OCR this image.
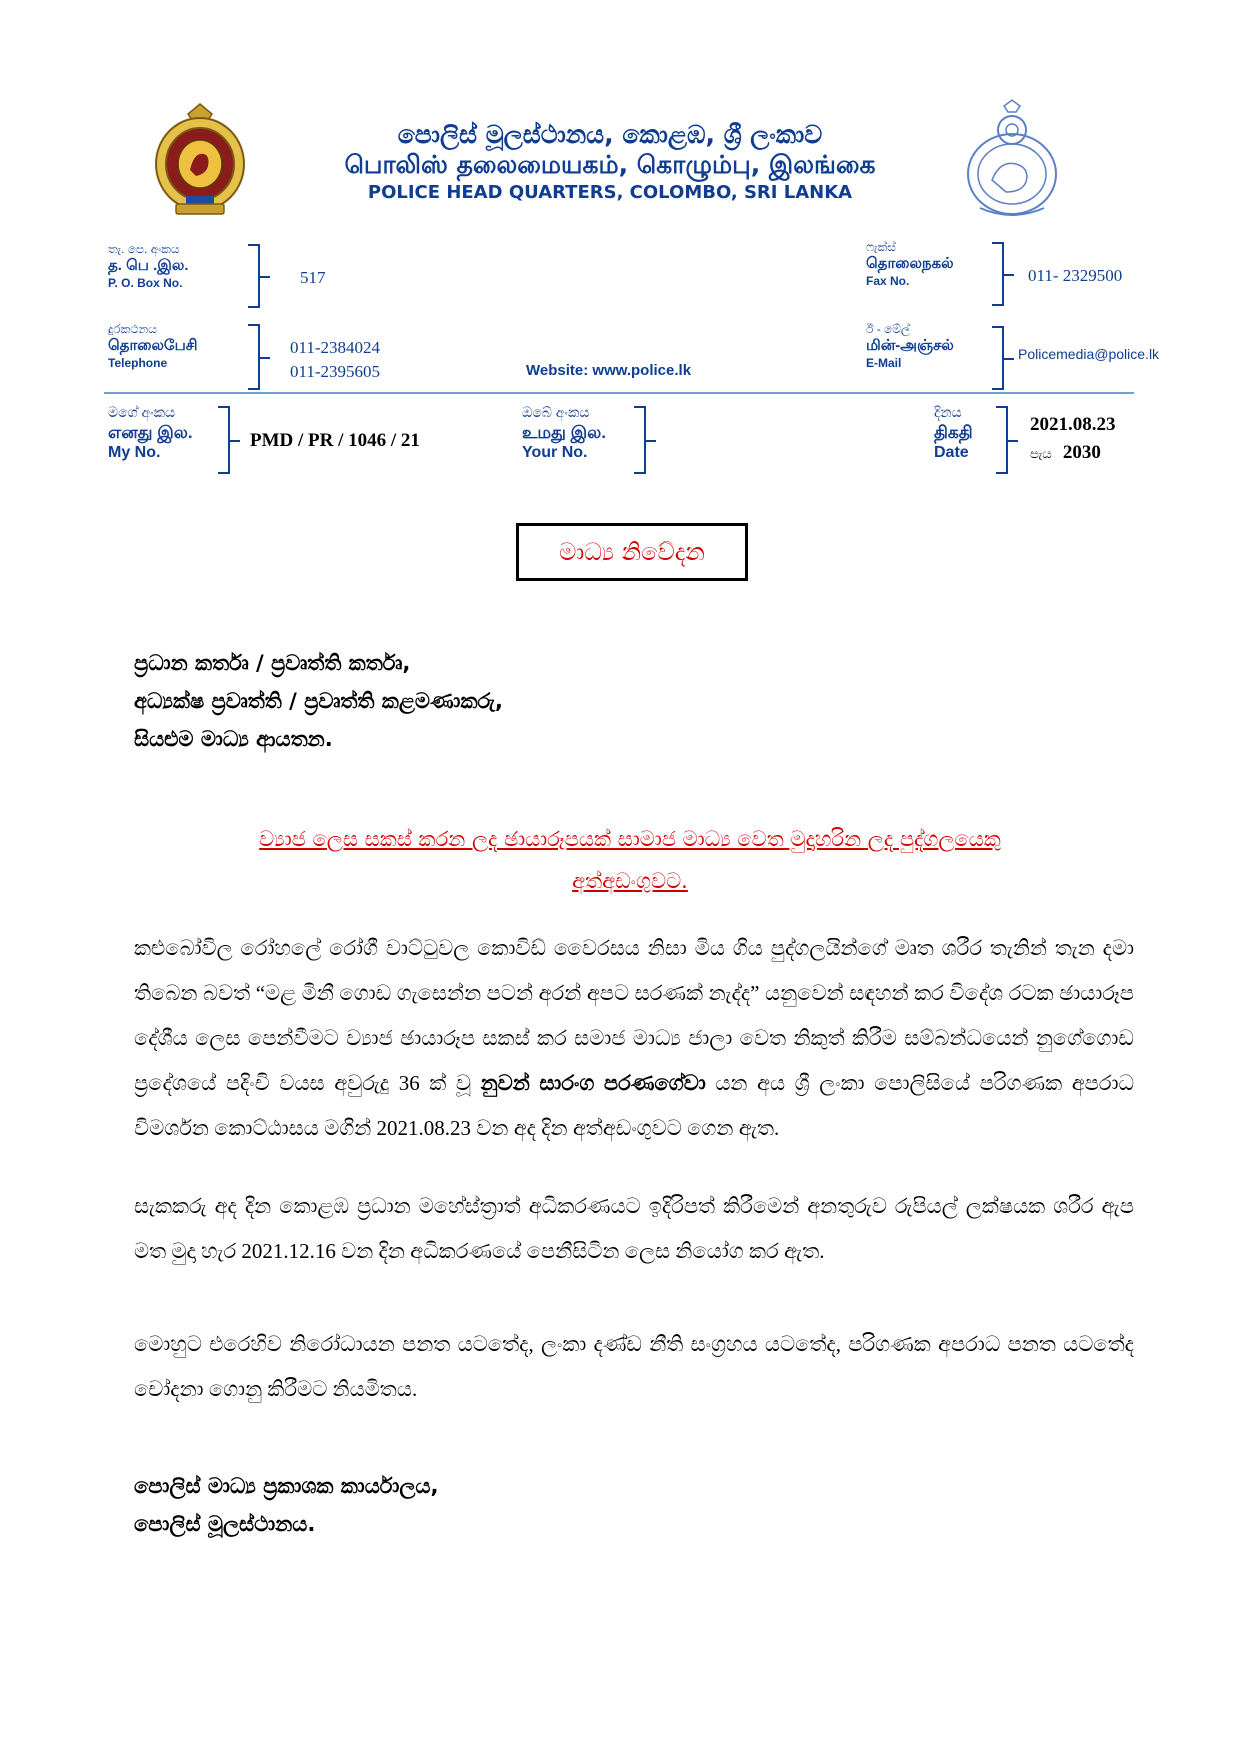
පොලිස් මූලස්ථානය, කොළඹ, ශ්‍රී ලංකාව
பொலிஸ் தலைமையகம், கொழும்பு, இலங்கை
POLICE HEAD QUARTERS, COLOMBO, SRI LANKA
තැ. පෙ. අංකය
த. பெ .இல.
P. O. Box No.	517
ෆැක්ස්
தொலைநகல்
Fax No.	011- 2329500
දුරකථනය
தொலைபேசி
Telephone
011-2384024
011-2395605	Website: www.police.lk
ඊ - මේල්
மின்-அஞ்சல்
E-Mail
Policemedia@police.lk
මගේ අංකය
எனது இல.
My No.
PMD / PR / 1046 / 21
ඔබේ අංකය
உமது இல.
Your No.
දිනය
திகதி
Date
2021.08.23
පැය 2030
මාධ්‍ය නිවේදන
ප්‍රධාන කර්තෘ / ප්‍රවෘත්ති කර්තෘ,
අධ්‍යක්ෂ ප්‍රවෘත්ති / ප්‍රවෘත්ති කළමණාකරු,
සියළුම මාධ්‍ය ආයතන.
ව්‍යාජ ලෙස සකස් කරන ලද ඡායාරූපයක් සාමාජ මාධ්‍ය වෙත මුදාහරින ලද පුද්ගලයෙකු
අත්අඩංගුවට.
කළුබෝවිල රෝහලේ රෝගී වාට්ටුවල කොවිඩ් වෛරසය නිසා මිය ගිය පුද්ගලයින්ගේ මෘත ශරීර තැනින් තැන දමා තිබෙන බවත් “මළ මිනී ගොඩ ගැසෙන්න පටන් අරන් අපට සරණක් නැද්ද” යනුවෙන් සඳහන් කර විදේශ රටක ඡායාරූප දේශීය ලෙස පෙන්වීමට ව්‍යාජ ඡායාරූප සකස් කර සමාජ මාධ්‍ය ජාලා වෙත නිකුත් කිරීම සම්බන්ධයෙන් නුගේගොඩ ප්‍රදේශයේ පදිංචි වයස අවුරුදු 36 ක් වූ නුවන් සාරංග පරණගේවා යන අය ශ්‍රී ලංකා පොලිසියේ පරිගණක අපරාධ විමර්ශන කොට්ඨාසය මගින් 2021.08.23 වන අද දින අත්අඩංගුවට ගෙන ඇත.
සැකකරු අද දින කොළඹ ප්‍රධාන මහේස්ත්‍රාත් අධිකරණයට ඉදිරිපත් කිරීමෙන් අනතුරුව රුපියල් ලක්ෂයක ශරීර ඇප මත මුදා හැර 2021.12.16 වන දින අධිකරණයේ පෙනීසිටින ලෙස නියෝග කර ඇත.
මොහුට එරෙහිව නිරෝධායන පනත යටතේද, ලංකා දණ්ඩ නීති සංග්‍රහය යටතේද, පරිගණක අපරාධ පනත යටතේද චෝදනා ගොනු කිරීමට නියමිතය.
පොලිස් මාධ්‍ය ප්‍රකාශක කාර්යාලය,
පොලිස් මූලස්ථානය.
